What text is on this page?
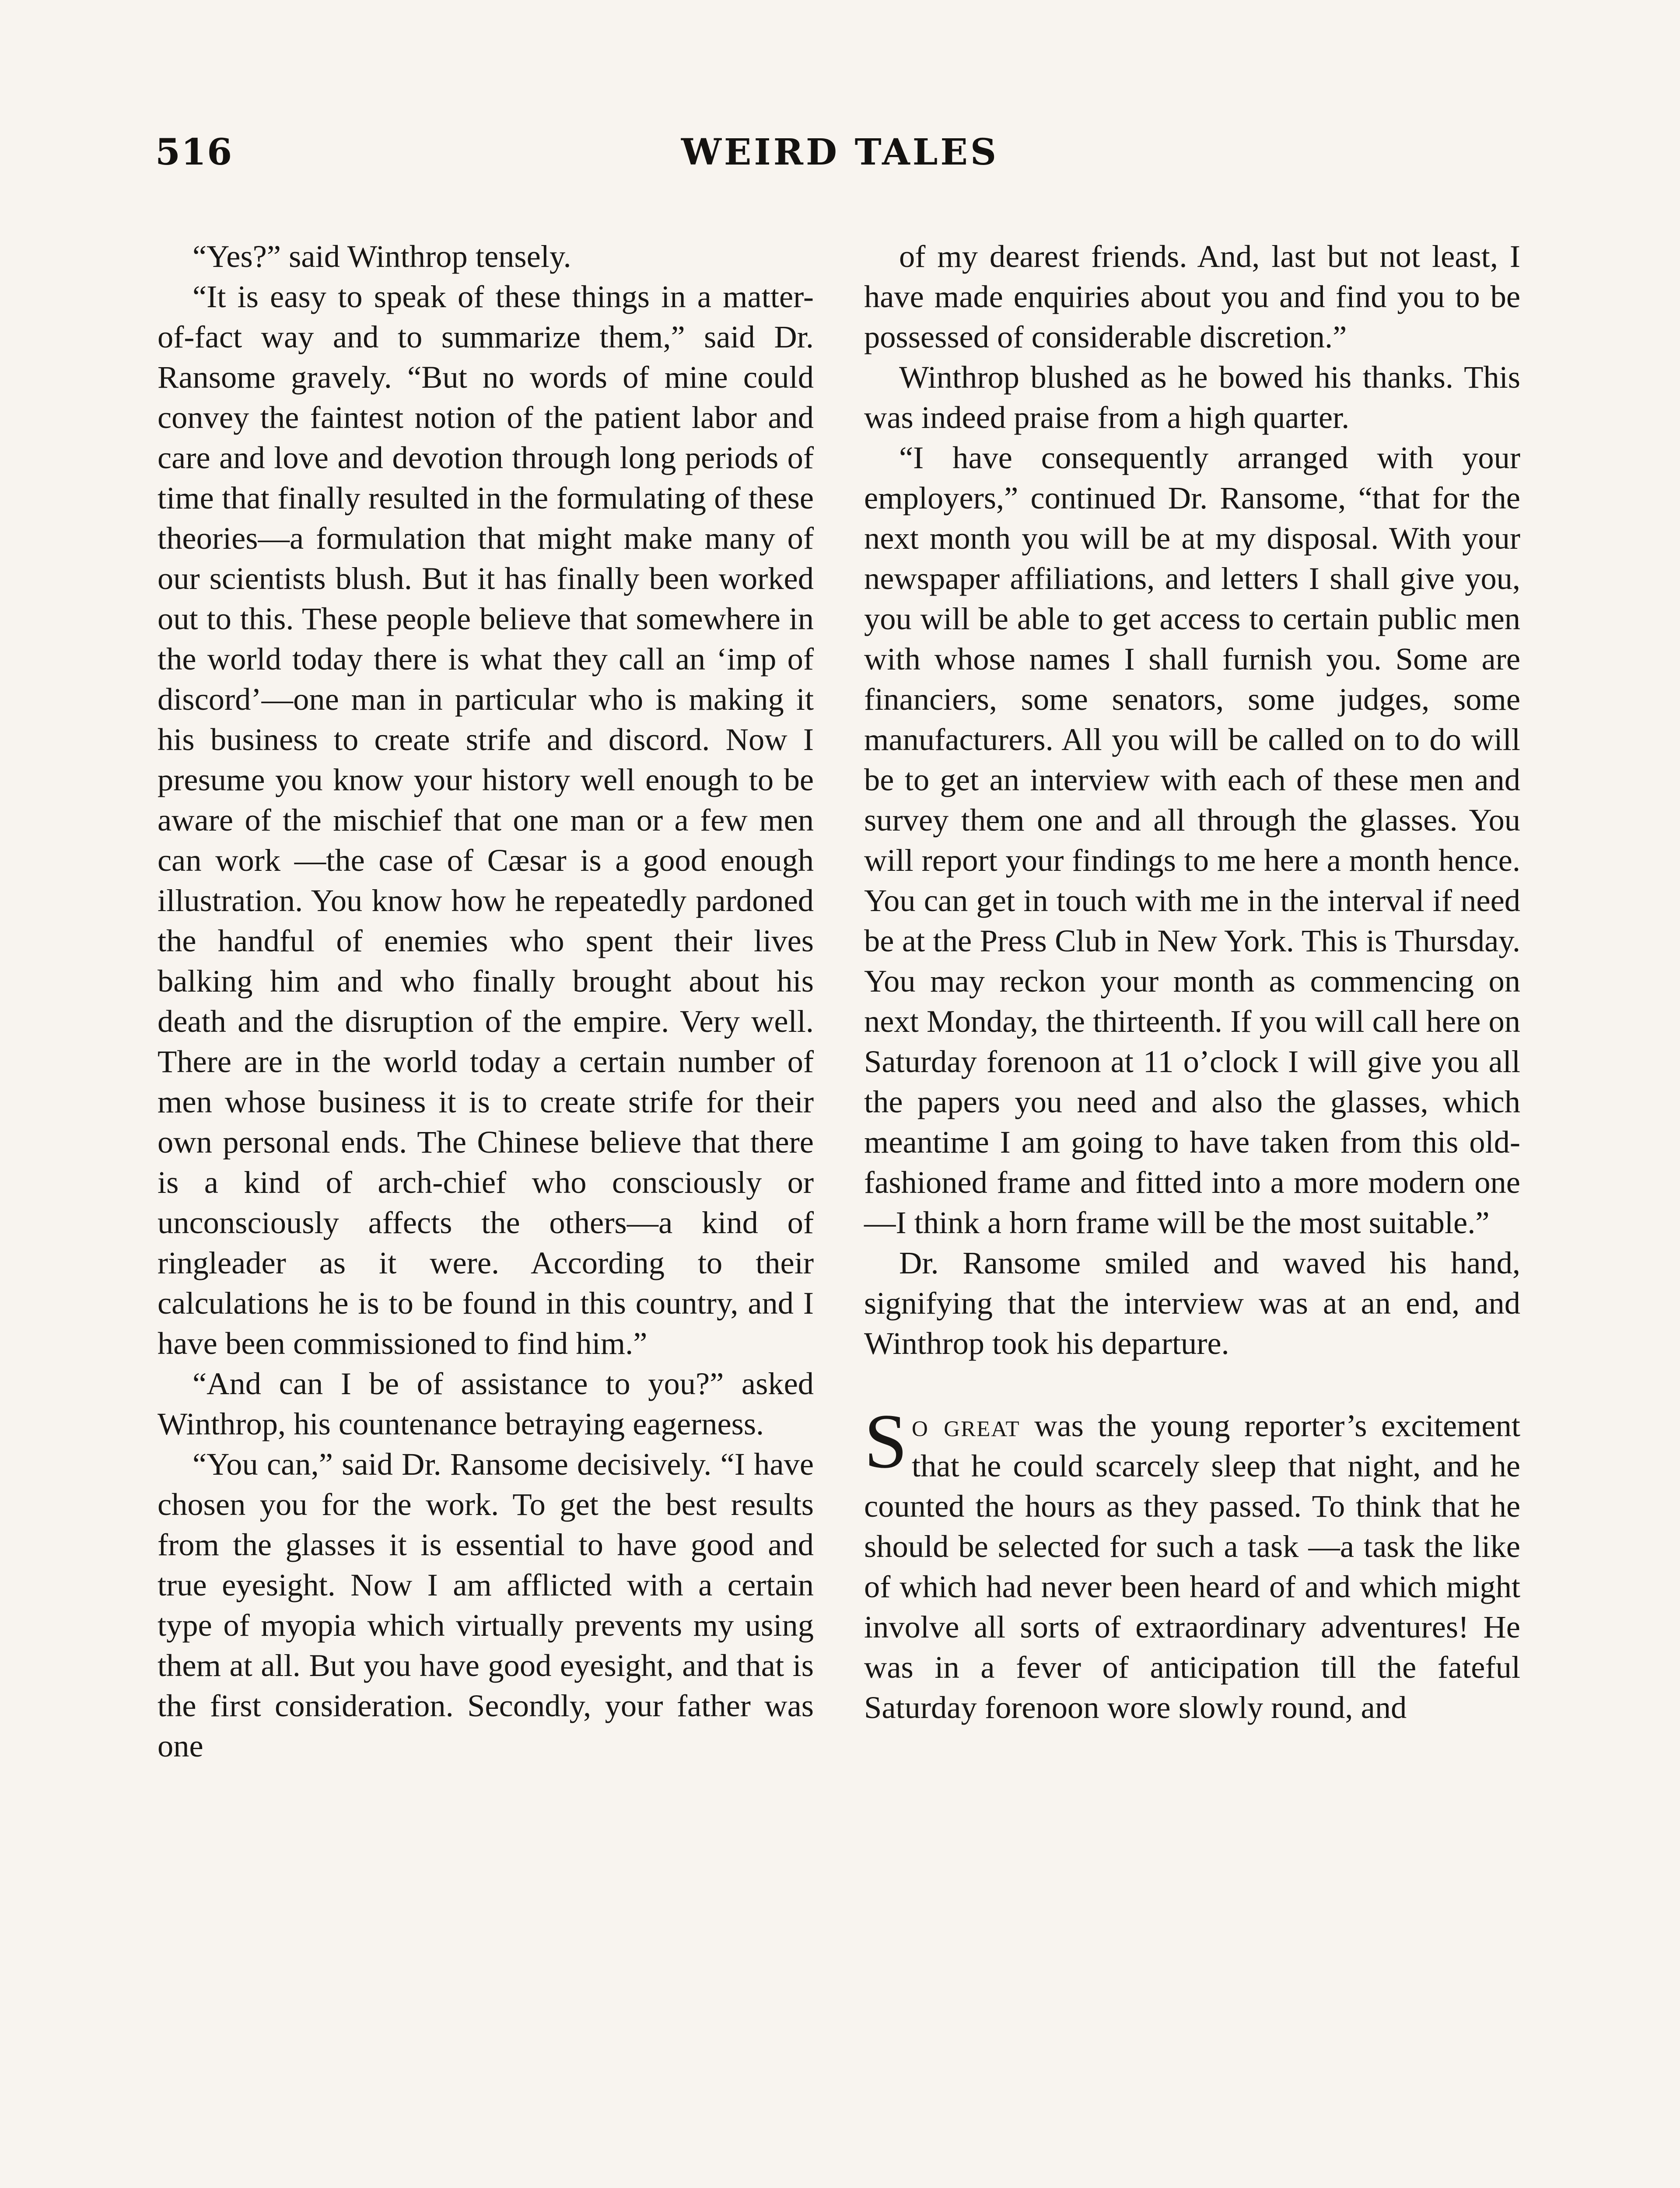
516	WEIRD TALES

“Yes?” said Winthrop tensely.

“It is easy to speak of these things in a matter-of-fact way and to summarize them,” said Dr. Ransome gravely. “But no words of mine could convey the faintest notion of the patient labor and care and love and devotion through long periods of time that finally resulted in the formulating of these theories—a formulation that might make many of our scientists blush. But it has finally been worked out to this. These people believe that somewhere in the world today there is what they call an ‘imp of discord’—one man in particular who is making it his business to create strife and discord. Now I presume you know your history well enough to be aware of the mischief that one man or a few men can work —the case of Cæsar is a good enough illustration. You know how he repeatedly pardoned the handful of enemies who spent their lives balking him and who finally brought about his death and the disruption of the empire. Very well. There are in the world today a certain number of men whose business it is to create strife for their own personal ends. The Chinese believe that there is a kind of arch-chief who consciously or unconsciously affects the others—a kind of ringleader as it were. According to their calculations he is to be found in this country, and I have been commissioned to find him.”

“And can I be of assistance to you?” asked Winthrop, his countenance betraying eagerness.

“You can,” said Dr. Ransome decisively. “I have chosen you for the work. To get the best results from the glasses it is essential to have good and true eyesight. Now I am afflicted with a certain type of myopia which virtually prevents my using them at all. But you have good eyesight, and that is the first consideration. Secondly, your father was one

of my dearest friends. And, last but not least, I have made enquiries about you and find you to be possessed of considerable discretion.”

Winthrop blushed as he bowed his thanks. This was indeed praise from a high quarter.

“I have consequently arranged with your employers,” continued Dr. Ransome, “that for the next month you will be at my disposal. With your newspaper affiliations, and letters I shall give you, you will be able to get access to certain public men with whose names I shall furnish you. Some are financiers, some senators, some judges, some manufacturers. All you will be called on to do will be to get an interview with each of these men and survey them one and all through the glasses. You will report your findings to me here a month hence. You can get in touch with me in the interval if need be at the Press Club in New York. This is Thursday. You may reckon your month as commencing on next Monday, the thirteenth. If you will call here on Saturday forenoon at 11 o’clock I will give you all the papers you need and also the glasses, which meantime I am going to have taken from this old-fashioned frame and fitted into a more modern one—I think a horn frame will be the most suitable.”

Dr. Ransome smiled and waved his hand, signifying that the interview was at an end, and Winthrop took his departure.

So great was the young reporter’s excitement that he could scarcely sleep that night, and he counted the hours as they passed. To think that he should be selected for such a task —a task the like of which had never been heard of and which might involve all sorts of extraordinary adventures! He was in a fever of anticipation till the fateful Saturday forenoon wore slowly round, and
